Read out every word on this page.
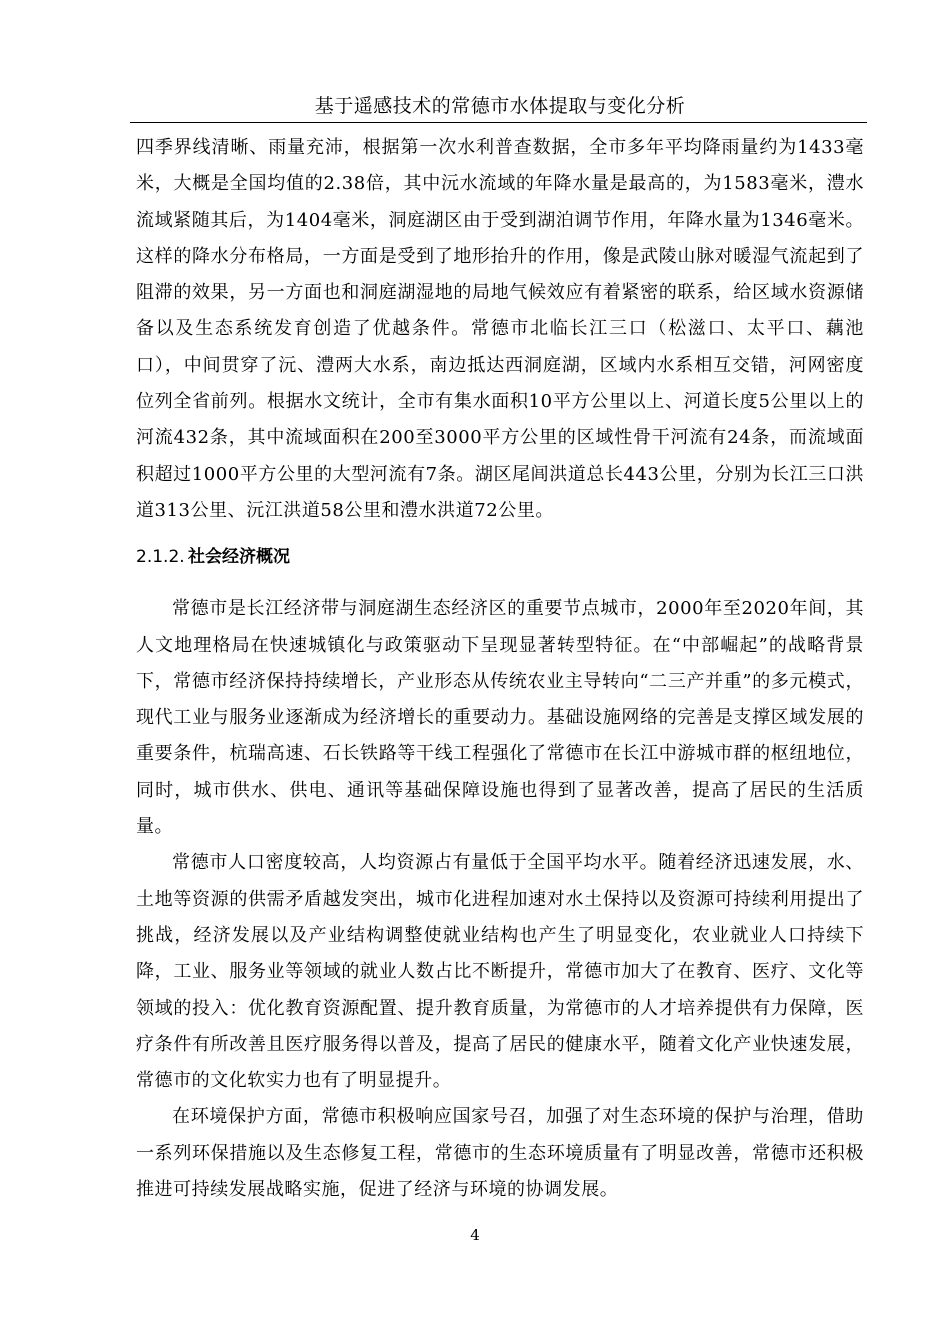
基于遥感技术的常德市水体提取与变化分析

四季界线清晰、雨量充沛，根据第一次水利普查数据，全市多年平均降雨量约为1433毫米，大概是全国均值的2.38倍，其中沅水流域的年降水量是最高的，为1583毫米，澧水流域紧随其后，为1404毫米，洞庭湖区由于受到湖泊调节作用，年降水量为1346毫米。这样的降水分布格局，一方面是受到了地形抬升的作用，像是武陵山脉对暖湿气流起到了阻滞的效果，另一方面也和洞庭湖湿地的局地气候效应有着紧密的联系，给区域水资源储备以及生态系统发育创造了优越条件。常德市北临长江三口（松滋口、太平口、藕池口），中间贯穿了沅、澧两大水系，南边抵达西洞庭湖，区域内水系相互交错，河网密度位列全省前列。根据水文统计，全市有集水面积10平方公里以上、河道长度5公里以上的河流432条，其中流域面积在200至3000平方公里的区域性骨干河流有24条，而流域面积超过1000平方公里的大型河流有7条。湖区尾闾洪道总长443公里，分别为长江三口洪道313公里、沅江洪道58公里和澧水洪道72公里。

2.1.2. 社会经济概况

常德市是长江经济带与洞庭湖生态经济区的重要节点城市，2000年至2020年间，其人文地理格局在快速城镇化与政策驱动下呈现显著转型特征。在“中部崛起”的战略背景下，常德市经济保持持续增长，产业形态从传统农业主导转向“二三产并重”的多元模式，现代工业与服务业逐渐成为经济增长的重要动力。基础设施网络的完善是支撑区域发展的重要条件，杭瑞高速、石长铁路等干线工程强化了常德市在长江中游城市群的枢纽地位，同时，城市供水、供电、通讯等基础保障设施也得到了显著改善，提高了居民的生活质量。

常德市人口密度较高，人均资源占有量低于全国平均水平。随着经济迅速发展，水、土地等资源的供需矛盾越发突出，城市化进程加速对水土保持以及资源可持续利用提出了挑战，经济发展以及产业结构调整使就业结构也产生了明显变化，农业就业人口持续下降，工业、服务业等领域的就业人数占比不断提升，常德市加大了在教育、医疗、文化等领域的投入：优化教育资源配置、提升教育质量，为常德市的人才培养提供有力保障，医疗条件有所改善且医疗服务得以普及，提高了居民的健康水平，随着文化产业快速发展，常德市的文化软实力也有了明显提升。

在环境保护方面，常德市积极响应国家号召，加强了对生态环境的保护与治理，借助一系列环保措施以及生态修复工程，常德市的生态环境质量有了明显改善，常德市还积极推进可持续发展战略实施，促进了经济与环境的协调发展。

4
